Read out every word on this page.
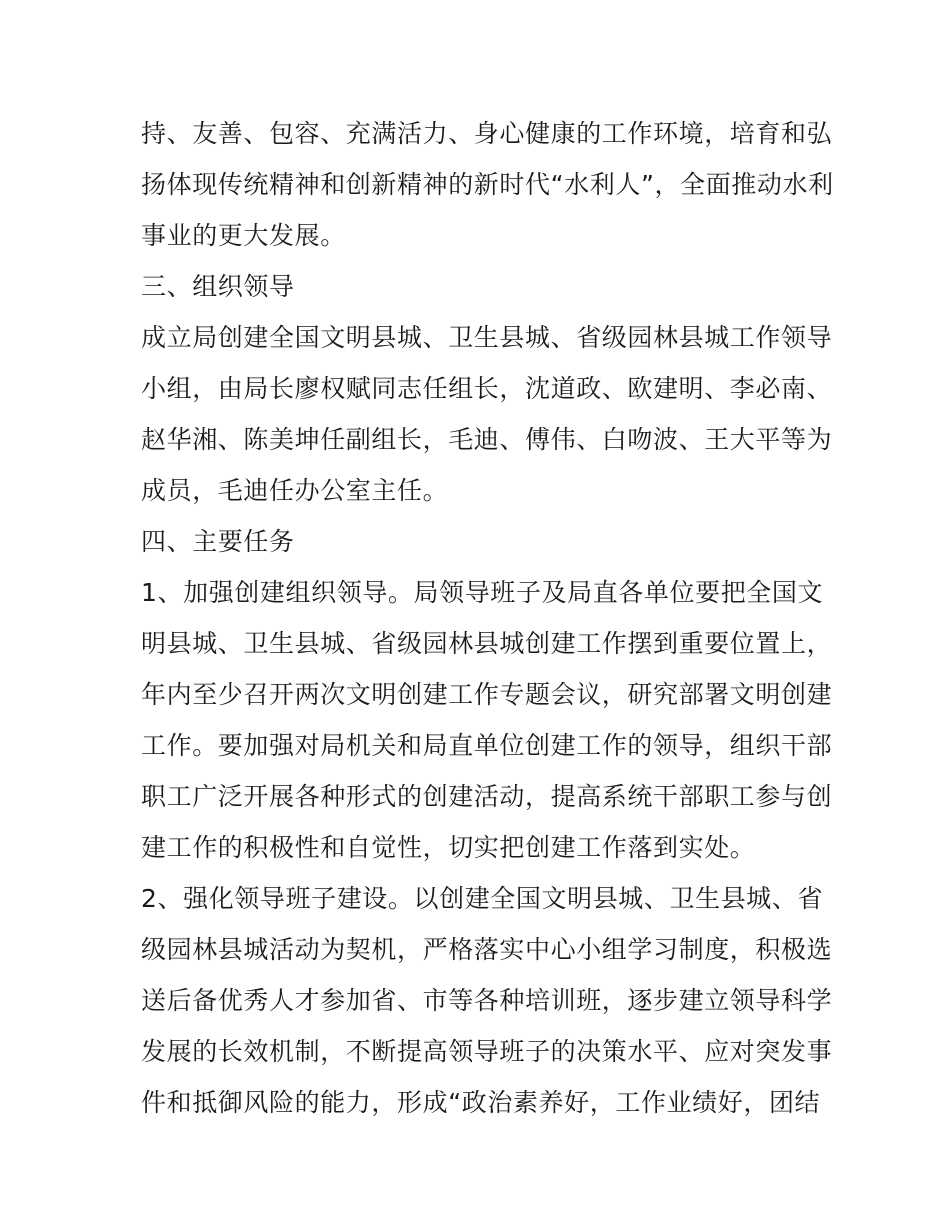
持、友善、包容、充满活力、身心健康的工作环境，培育和弘
扬体现传统精神和创新精神的新时代“水利人”，全面推动水利
事业的更大发展。
三、组织领导
成立局创建全国文明县城、卫生县城、省级园林县城工作领导
小组，由局长廖权赋同志任组长，沈道政、欧建明、李必南、
赵华湘、陈美坤任副组长，毛迪、傅伟、白吻波、王大平等为
成员，毛迪任办公室主任。
四、主要任务
1、加强创建组织领导。局领导班子及局直各单位要把全国文
明县城、卫生县城、省级园林县城创建工作摆到重要位置上，
年内至少召开两次文明创建工作专题会议，研究部署文明创建
工作。要加强对局机关和局直单位创建工作的领导，组织干部
职工广泛开展各种形式的创建活动，提高系统干部职工参与创
建工作的积极性和自觉性，切实把创建工作落到实处。
2、强化领导班子建设。以创建全国文明县城、卫生县城、省
级园林县城活动为契机，严格落实中心小组学习制度，积极选
送后备优秀人才参加省、市等各种培训班，逐步建立领导科学
发展的长效机制，不断提高领导班子的决策水平、应对突发事
件和抵御风险的能力，形成“政治素养好，工作业绩好，团结
